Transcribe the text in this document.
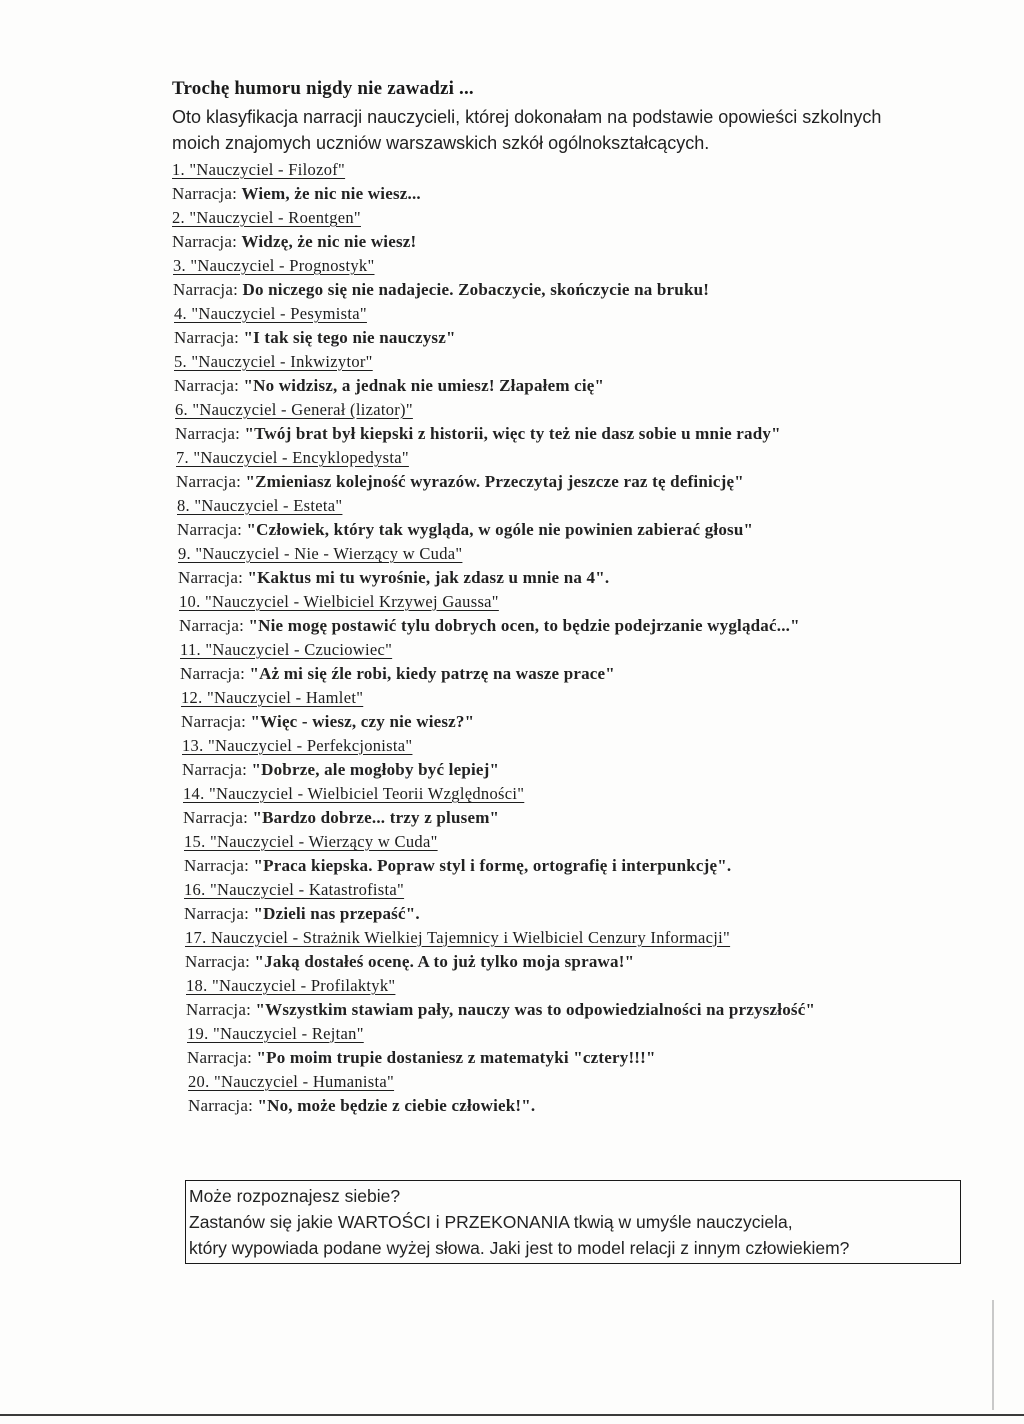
Trochę humoru nigdy nie zawadzi ...

Oto klasyfikacja narracji nauczycieli, której dokonałam na podstawie opowieści szkolnych moich znajomych uczniów warszawskich szkół ogólnokształcących.

1. "Nauczyciel - Filozof"
Narracja: Wiem, że nic nie wiesz...
2. "Nauczyciel - Roentgen"
Narracja: Widzę, że nic nie wiesz!
3. "Nauczyciel - Prognostyk"
Narracja: Do niczego się nie nadajecie. Zobaczycie, skończycie na bruku!
4. "Nauczyciel - Pesymista"
Narracja: "I tak się tego nie nauczysz"
5. "Nauczyciel - Inkwizytor"
Narracja: "No widzisz, a jednak nie umiesz! Złapałem cię"
6. "Nauczyciel - Generał (lizator)"
Narracja: "Twój brat był kiepski z historii, więc ty też nie dasz sobie u mnie rady"
7. "Nauczyciel - Encyklopedysta"
Narracja: "Zmieniasz kolejność wyrazów. Przeczytaj jeszcze raz tę definicję"
8. "Nauczyciel - Esteta"
Narracja: "Człowiek, który tak wygląda, w ogóle nie powinien zabierać głosu"
9. "Nauczyciel - Nie - Wierzący w Cuda"
Narracja: "Kaktus mi tu wyrośnie, jak zdasz u mnie na 4".
10. "Nauczyciel - Wielbiciel Krzywej Gaussa"
Narracja: "Nie mogę postawić tylu dobrych ocen, to będzie podejrzanie wyglądać..."
11. "Nauczyciel - Czuciowiec"
Narracja: "Aż mi się źle robi, kiedy patrzę na wasze prace"
12. "Nauczyciel - Hamlet"
Narracja: "Więc - wiesz, czy nie wiesz?"
13. "Nauczyciel - Perfekcjonista"
Narracja: "Dobrze, ale mogłoby być lepiej"
14. "Nauczyciel - Wielbiciel Teorii Względności"
Narracja: "Bardzo dobrze... trzy z plusem"
15. "Nauczyciel - Wierzący w Cuda"
Narracja: "Praca kiepska. Popraw styl i formę, ortografię i interpunkcję".
16. "Nauczyciel - Katastrofista"
Narracja: "Dzieli nas przepaść".
17. Nauczyciel - Strażnik Wielkiej Tajemnicy i Wielbiciel Cenzury Informacji"
Narracja: "Jaką dostałeś ocenę. A to już tylko moja sprawa!"
18. "Nauczyciel - Profilaktyk"
Narracja: "Wszystkim stawiam pały, nauczy was to odpowiedzialności na przyszłość"
19. "Nauczyciel - Rejtan"
Narracja: "Po moim trupie dostaniesz z matematyki "cztery!!!"
20. "Nauczyciel - Humanista"
Narracja: "No, może będzie z ciebie człowiek!".

Może rozpoznajesz siebie?

Zastanów się jakie WARTOŚCI i PRZEKONANIA tkwią w umyśle nauczyciela,

który wypowiada podane wyżej słowa. Jaki jest to model relacji z innym człowiekiem?
